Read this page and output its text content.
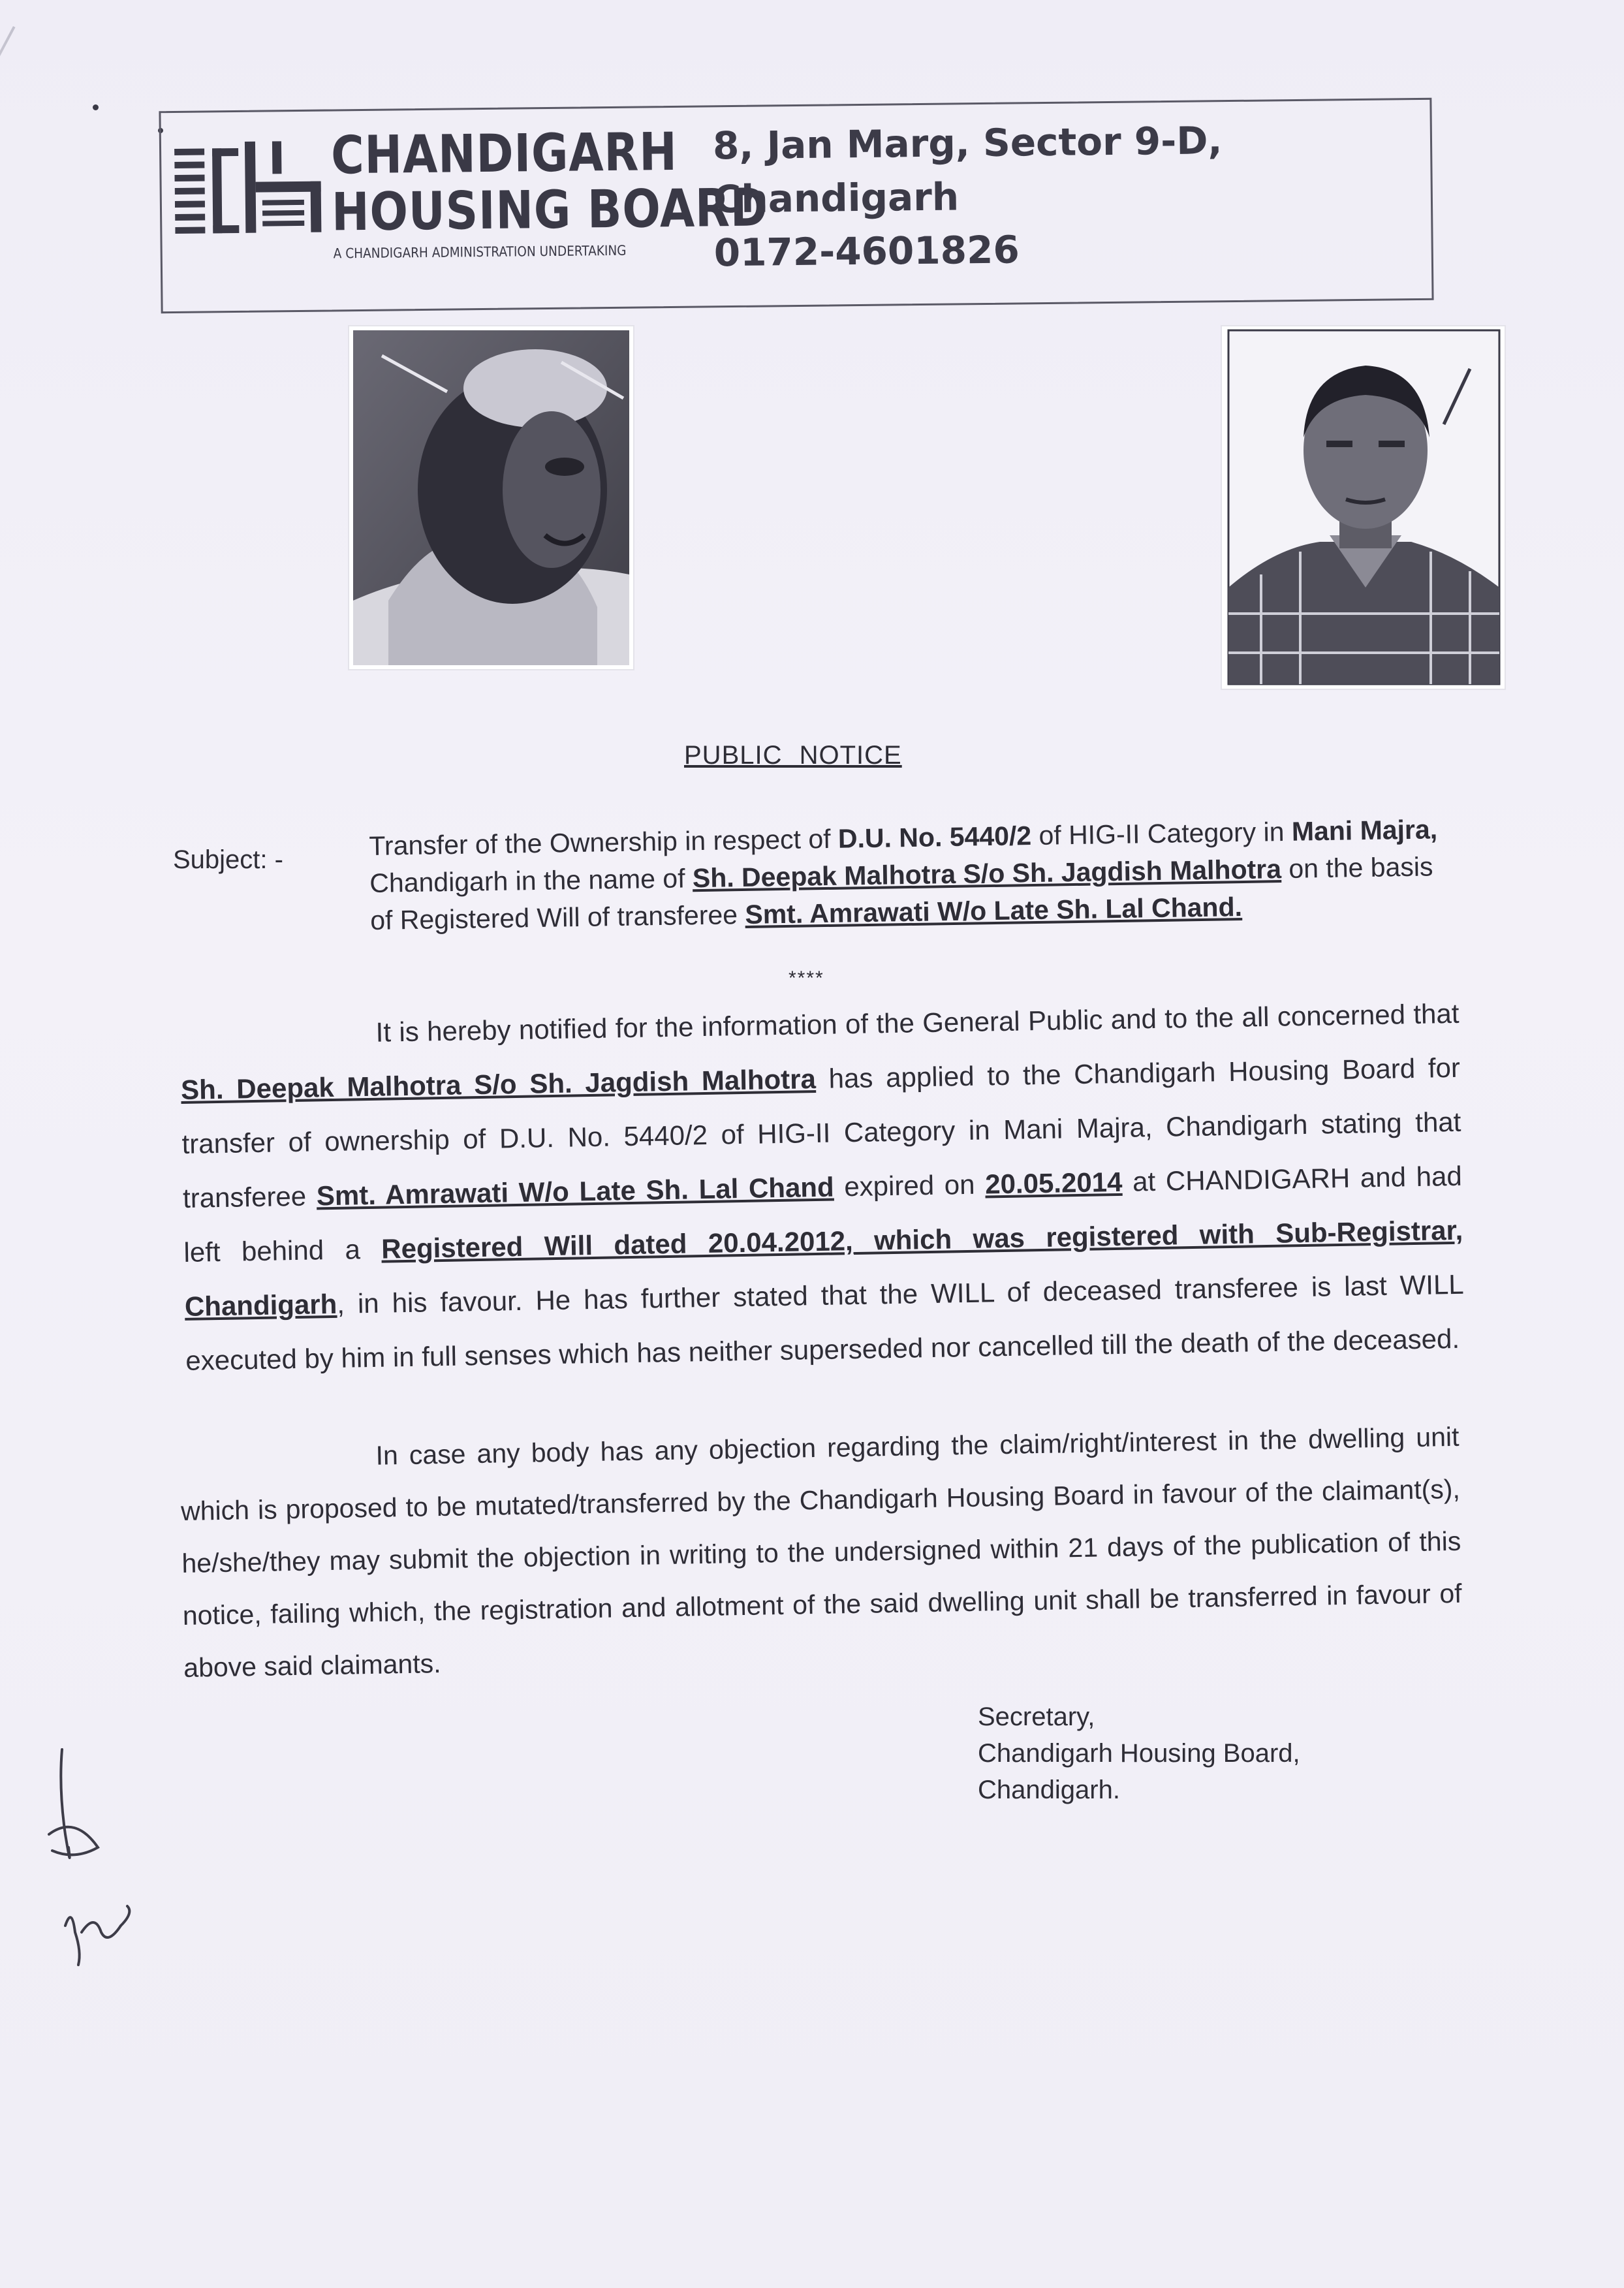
CHANDIGARH
HOUSING BOARD
A CHANDIGARH ADMINISTRATION UNDERTAKING
8, Jan Marg, Sector 9-D,
Chandigarh
0172-4601826
PUBLIC NOTICE
Subject: -	Transfer of the Ownership in respect of D.U. No. 5440/2 of HIG-II Category in Mani Majra, Chandigarh in the name of Sh. Deepak Malhotra S/o Sh. Jagdish Malhotra on the basis of Registered Will of transferee Smt. Amrawati W/o Late Sh. Lal Chand.
****

It is hereby notified for the information of the General Public and to the all concerned that Sh. Deepak Malhotra S/o Sh. Jagdish Malhotra has applied to the Chandigarh Housing Board for transfer of ownership of D.U. No. 5440/2 of HIG-II Category in Mani Majra, Chandigarh stating that transferee Smt. Amrawati W/o Late Sh. Lal Chand expired on 20.05.2014 at CHANDIGARH and had left behind a Registered Will dated 20.04.2012, which was registered with Sub-Registrar, Chandigarh, in his favour. He has further stated that the WILL of deceased transferee is last WILL executed by him in full senses which has neither superseded nor cancelled till the death of the deceased.

In case any body has any objection regarding the claim/right/interest in the dwelling unit which is proposed to be mutated/transferred by the Chandigarh Housing Board in favour of the claimant(s), he/she/they may submit the objection in writing to the undersigned within 21 days of the publication of this notice, failing which, the registration and allotment of the said dwelling unit shall be transferred in favour of above said claimants.

Secretary,
Chandigarh Housing Board,
Chandigarh.
